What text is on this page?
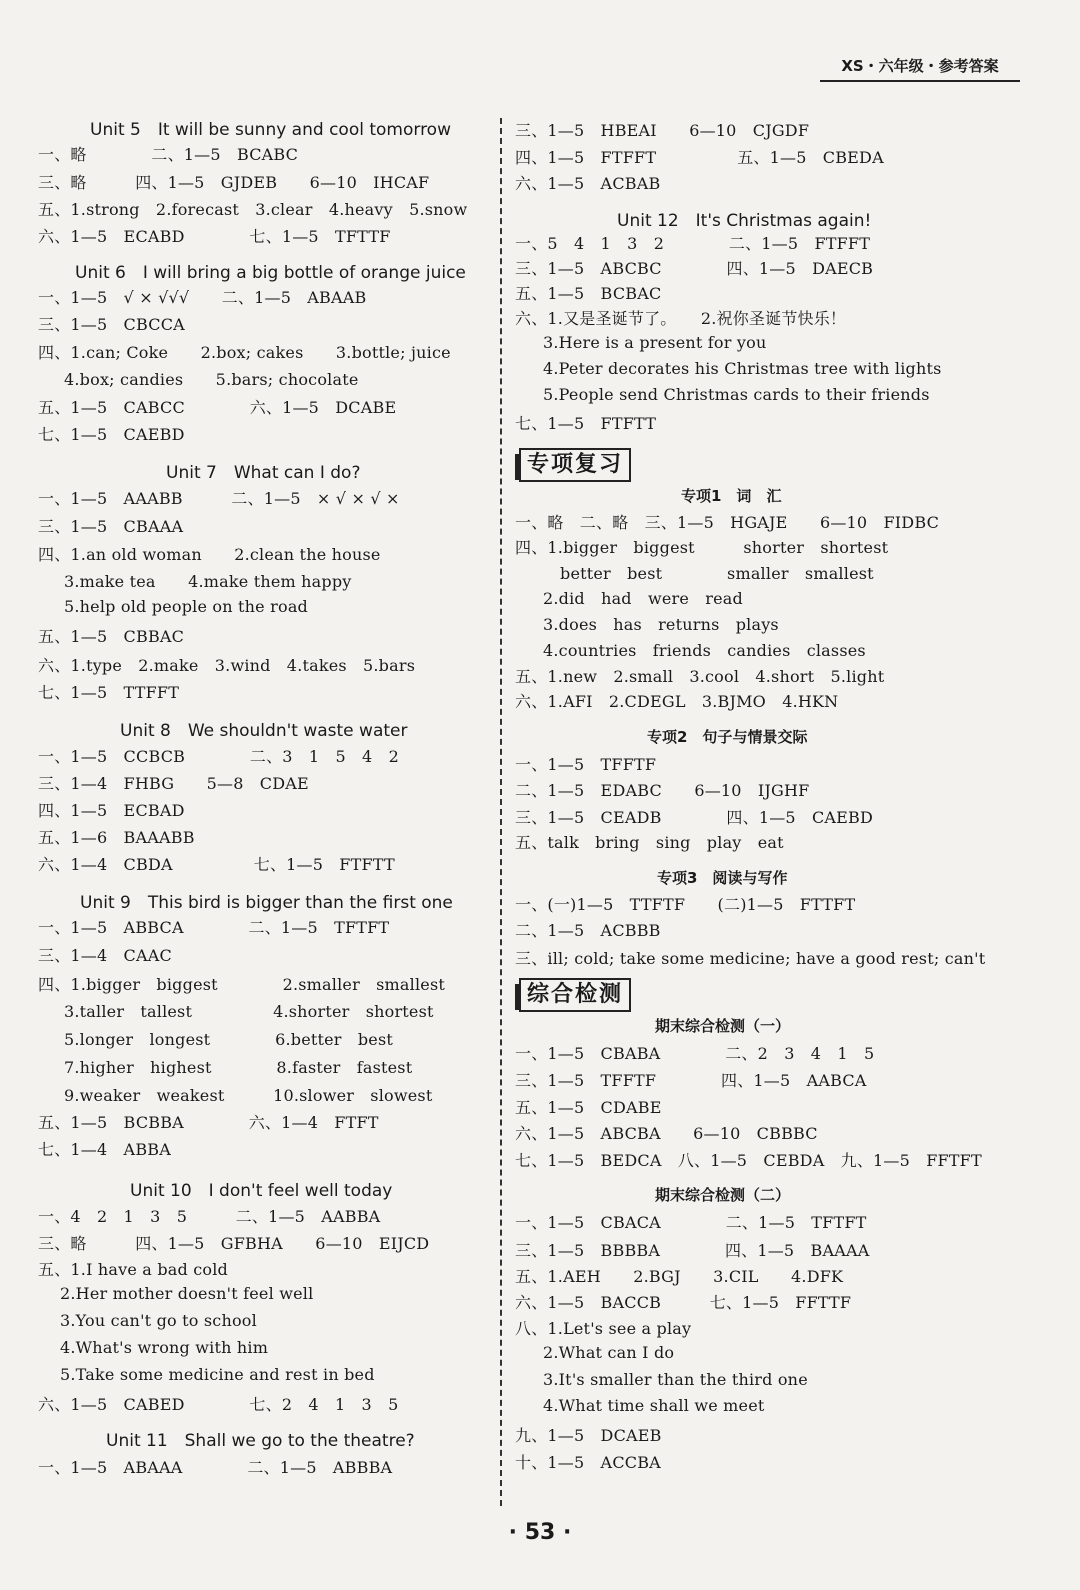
XS・六年级・参考答案
Unit 5　It will be sunny and cool tomorrow
一、略　　　　二、1—5　BCABC
三、略　　　四、1—5　GJDEB　　6—10　IHCAF
五、1.strong　2.forecast　3.clear　4.heavy　5.snow
六、1—5　ECABD　　　　七、1—5　TFTTF
Unit 6　I will bring a big bottle of orange juice
一、1—5　√ × √√√　　二、1—5　ABAAB
三、1—5　CBCCA
四、1.can; Coke　　2.box; cakes　　3.bottle; juice
4.box; candies　　5.bars; chocolate
五、1—5　CABCC　　　　六、1—5　DCABE
七、1—5　CAEBD
Unit 7　What can I do?
一、1—5　AAABB　　　二、1—5　× √ × √ ×
三、1—5　CBAAA
四、1.an old woman　　2.clean the house
3.make tea　　4.make them happy
5.help old people on the road
五、1—5　CBBAC
六、1.type　2.make　3.wind　4.takes　5.bars
七、1—5　TTFFT
Unit 8　We shouldn't waste water
一、1—5　CCBCB　　　　二、3　1　5　4　2
三、1—4　FHBG　　5—8　CDAE
四、1—5　ECBAD
五、1—6　BAAABB
六、1—4　CBDA　　　　　七、1—5　FTFTT
Unit 9　This bird is bigger than the first one
一、1—5　ABBCA　　　　二、1—5　TFTFT
三、1—4　CAAC
四、1.bigger　biggest　　　　2.smaller　smallest
3.taller　tallest　　　　　4.shorter　shortest
5.longer　longest　　　　6.better　best
7.higher　highest　　　　8.faster　fastest
9.weaker　weakest　　　10.slower　slowest
五、1—5　BCBBA　　　　六、1—4　FTFT
七、1—4　ABBA
Unit 10　I don't feel well today
一、4　2　1　3　5　　　二、1—5　AABBA
三、略　　　四、1—5　GFBHA　　6—10　EIJCD
五、1.I have a bad cold
2.Her mother doesn't feel well
3.You can't go to school
4.What's wrong with him
5.Take some medicine and rest in bed
六、1—5　CABED　　　　七、2　4　1　3　5
Unit 11　Shall we go to the theatre?
一、1—5　ABAAA　　　　二、1—5　ABBBA
三、1—5　HBEAI　　6—10　CJGDF
四、1—5　FTFFT　　　　　五、1—5　CBEDA
六、1—5　ACBAB
Unit 12　It's Christmas again!
一、5　4　1　3　2　　　　二、1—5　FTFFT
三、1—5　ABCBC　　　　四、1—5　DAECB
五、1—5　BCBAC
六、1.又是圣诞节了。　　2.祝你圣诞节快乐！
3.Here is a present for you
4.Peter decorates his Christmas tree with lights
5.People send Christmas cards to their friends
七、1—5　FTFTT
专项复习
专项1　词　汇
一、略　二、略　三、1—5　HGAJE　　6—10　FIDBC
四、1.bigger　biggest　　　shorter　shortest
better　best　　　　smaller　smallest
2.did　had　were　read
3.does　has　returns　plays
4.countries　friends　candies　classes
五、1.new　2.small　3.cool　4.short　5.light
六、1.AFI　2.CDEGL　3.BJMO　4.HKN
专项2　句子与情景交际
一、1—5　TFFTF
二、1—5　EDABC　　6—10　IJGHF
三、1—5　CEADB　　　　四、1—5　CAEBD
五、talk　bring　sing　play　eat
专项3　阅读与写作
一、(一)1—5　TTFTF　　(二)1—5　FTTFT
二、1—5　ACBBB
三、ill; cold; take some medicine; have a good rest; can't
综合检测
期末综合检测（一）
一、1—5　CBABA　　　　二、2　3　4　1　5
三、1—5　TFFTF　　　　四、1—5　AABCA
五、1—5　CDABE
六、1—5　ABCBA　　6—10　CBBBC
七、1—5　BEDCA　八、1—5　CEBDA　九、1—5　FFTFT
期末综合检测（二）
一、1—5　CBACA　　　　二、1—5　TFTFT
三、1—5　BBBBA　　　　四、1—5　BAAAA
五、1.AEH　　2.BGJ　　3.CIL　　4.DFK
六、1—5　BACCB　　　七、1—5　FFTTF
八、1.Let's see a play
2.What can I do
3.It's smaller than the third one
4.What time shall we meet
九、1—5　DCAEB
十、1—5　ACCBA
· 53 ·
